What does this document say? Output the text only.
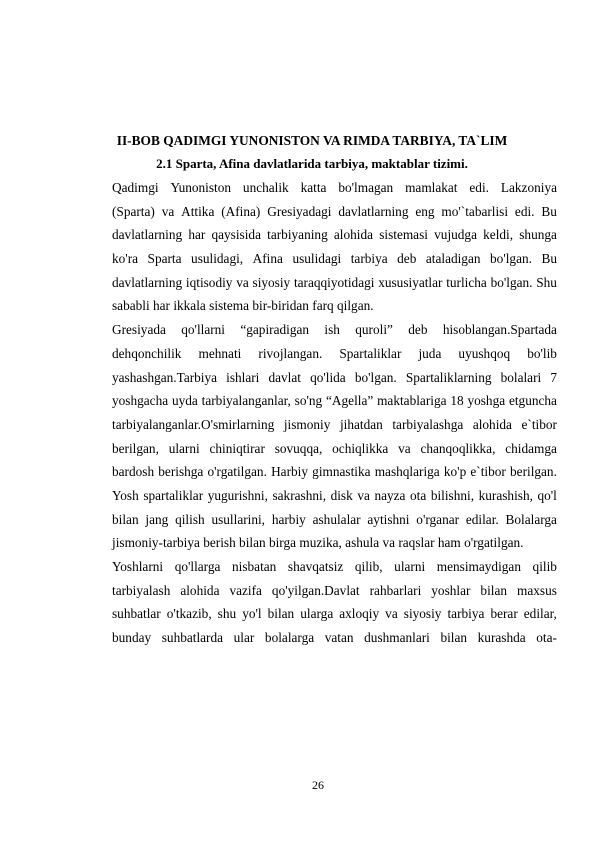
II-BOB QADIMGI YUNONISTON VA RIMDA TARBIYA, TA`LIM
2.1 Sparta, Afina davlatlarida tarbiya, maktablar tizimi.
Qadimgi Yunoniston unchalik katta bo'lmagan mamlakat edi. Lakzoniya
(Sparta) va Attika (Afina) Gresiyadagi davlatlarning eng mo'`tabarlisi edi. Bu
davlatlarning har qaysisida tarbiyaning alohida sistemasi vujudga keldi, shunga
ko'ra Sparta usulidagi, Afina usulidagi tarbiya deb ataladigan bo'lgan. Bu
davlatlarning iqtisodiy va siyosiy taraqqiyotidagi xususiyatlar turlicha bo'lgan. Shu
sababli har ikkala sistema bir-biridan farq qilgan.
Gresiyada qo'llarni “gapiradigan ish quroli” deb hisoblangan.Spartada
dehqonchilik mehnati rivojlangan. Spartaliklar juda uyushqoq bo'lib
yashashgan.Tarbiya ishlari davlat qo'lida bo'lgan. Spartaliklarning bolalari 7
yoshgacha uyda tarbiyalanganlar, so'ng “Agella” maktablariga 18 yoshga etguncha
tarbiyalanganlar.O'smirlarning jismoniy jihatdan tarbiyalashga alohida e`tibor
berilgan, ularni chiniqtirar sovuqqa, ochiqlikka va chanqoqlikka, chidamga
bardosh berishga o'rgatilgan. Harbiy gimnastika mashqlariga ko'p e`tibor berilgan.
Yosh spartaliklar yugurishni, sakrashni, disk va nayza ota bilishni, kurashish, qo'l
bilan jang qilish usullarini, harbiy ashulalar aytishni o'rganar edilar. Bolalarga
jismoniy-tarbiya berish bilan birga muzika, ashula va raqslar ham o'rgatilgan.
Yoshlarni qo'llarga nisbatan shavqatsiz qilib, ularni mensimaydigan qilib
tarbiyalash alohida vazifa qo'yilgan.Davlat rahbarlari yoshlar bilan maxsus
suhbatlar o'tkazib, shu yo'l bilan ularga axloqiy va siyosiy tarbiya berar edilar,
bunday suhbatlarda ular bolalarga vatan dushmanlari bilan kurashda ota-
26
